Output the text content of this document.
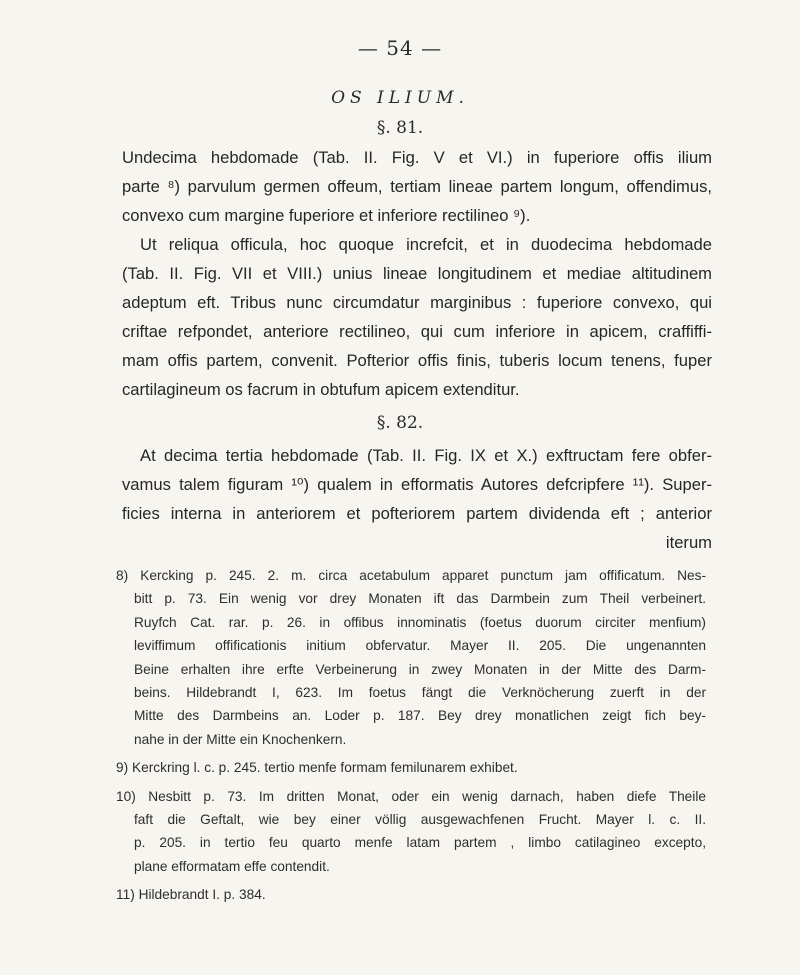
— 54 —
OS ILIUM.
§. 81.
Undecima hebdomade (Tab. II. Fig. V et VI.) in fuperiore offis ilium
parte ⁸) parvulum germen offeum, tertiam lineae partem longum, offendimus,
convexo cum margine fuperiore et inferiore rectilineo ⁹).
Ut reliqua officula, hoc quoque increfcit, et in duodecima hebdomade
(Tab. II. Fig. VII et VIII.) unius lineae longitudinem et mediae altitudinem
adeptum eft. Tribus nunc circumdatur marginibus : fuperiore convexo, qui
criftae refpondet, anteriore rectilineo, qui cum inferiore in apicem, craffiffi-
mam offis partem, convenit. Pofterior offis finis, tuberis locum tenens, fuper
cartilagineum os facrum in obtufum apicem extenditur.
§. 82.
At decima tertia hebdomade (Tab. II. Fig. IX et X.) exftructam fere obfer-
vamus talem figuram ¹⁰) qualem in efformatis Autores defcripfere ¹¹). Super-
ficies interna in anteriorem et pofteriorem partem dividenda eft ; anterior
iterum
8) Kercking p. 245. 2. m. circa acetabulum apparet punctum jam offificatum. Nes-
bitt p. 73. Ein wenig vor drey Monaten ift das Darmbein zum Theil verbeinert.
Ruyfch Cat. rar. p. 26. in offibus innominatis (foetus duorum circiter menfium)
leviffimum offificationis initium obfervatur. Mayer II. 205. Die ungenannten
Beine erhalten ihre erfte Verbeinerung in zwey Monaten in der Mitte des Darm-
beins. Hildebrandt I, 623. Im foetus fängt die Verknöcherung zuerft in der
Mitte des Darmbeins an. Loder p. 187. Bey drey monatlichen zeigt fich bey-
nahe in der Mitte ein Knochenkern.
9) Kerckring l. c. p. 245. tertio menfe formam femilunarem exhibet.
10) Nesbitt p. 73. Im dritten Monat, oder ein wenig darnach, haben diefe Theile
faft die Geftalt, wie bey einer völlig ausgewachfenen Frucht. Mayer l. c. II.
p. 205. in tertio feu quarto menfe latam partem , limbo catilagineo excepto,
plane efformatam effe contendit.
11) Hildebrandt I. p. 384.
